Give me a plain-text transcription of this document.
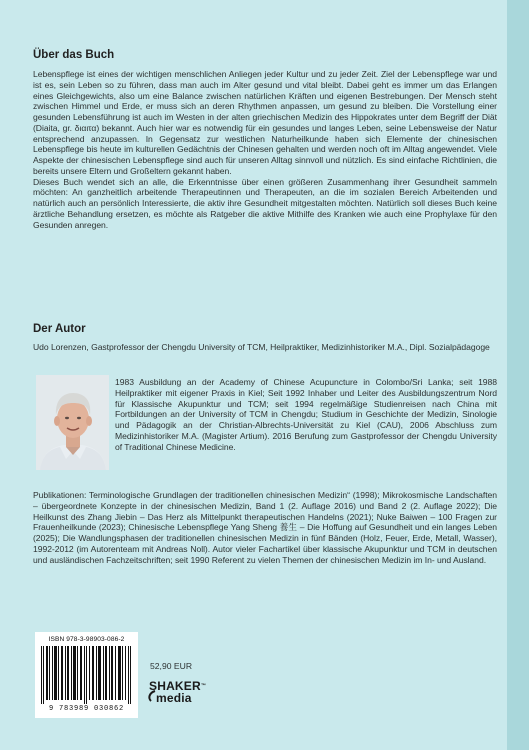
Über das Buch

Lebenspflege ist eines der wichtigen menschlichen Anliegen jeder Kultur und zu jeder Zeit. Ziel der Lebenspflege war und ist es, sein Leben so zu führen, dass man auch im Alter gesund und vital bleibt. Dabei geht es immer um das Erlangen eines Gleichgewichts, also um eine Balance zwischen natürlichen Kräften und eigenen Bestrebungen. Der Mensch steht zwischen Himmel und Erde, er muss sich an deren Rhythmen anpassen, um gesund zu bleiben. Die Vorstellung einer gesunden Lebensführung ist auch im Westen in der alten griechischen Medizin des Hippokrates unter dem Begriff der Diät (Diaita, gr. διαιτα) bekannt. Auch hier war es notwendig für ein gesundes und langes Leben, seine Lebensweise der Natur entsprechend anzupassen. In Gegensatz zur westlichen Naturheilkunde haben sich Elemente der chinesischen Lebenspflege bis heute im kulturellen Gedächtnis der Chinesen gehalten und werden noch oft im Alltag angewendet. Viele Aspekte der chinesischen Lebenspflege sind auch für unseren Alltag sinnvoll und nützlich. Es sind einfache Richtlinien, die bereits unsere Eltern und Großeltern gekannt haben.

Dieses Buch wendet sich an alle, die Erkenntnisse über einen größeren Zusammenhang ihrer Gesundheit sammeln möchten: An ganzheitlich arbeitende Therapeutinnen und Therapeuten, an die im sozialen Bereich Arbeitenden und natürlich auch an persönlich Interessierte, die aktiv ihre Gesundheit mitgestalten möchten. Natürlich soll dieses Buch keine ärztliche Behandlung ersetzen, es möchte als Ratgeber die aktive Mithilfe des Kranken wie auch eine Prophylaxe für den Gesunden anregen.

Der Autor

Udo Lorenzen, Gastprofessor der Chengdu University of TCM, Heilpraktiker, Medizinhistoriker M.A., Dipl. Sozialpädagoge

1983 Ausbildung an der Academy of Chinese Acupuncture in Colombo/Sri Lanka; seit 1988 Heilpraktiker mit eigener Praxis in Kiel; Seit 1992 Inhaber und Leiter des Ausbildungszentrum Nord für Klassische Akupunktur und TCM; seit 1994 regelmäßige Studienreisen nach China mit Fortbildungen an der University of TCM in Chengdu; Studium in Geschichte der Medizin, Sinologie und Pädagogik an der Christian-Albrechts-Universität zu Kiel (CAU), 2006 Abschluss zum Medizinhistoriker M.A. (Magister Artium). 2016 Berufung zum Gastprofessor der Chengdu University of Traditional Chinese Medicine.

Publikationen: Terminologische Grundlagen der traditionellen chinesischen Medizin“ (1998); Mikrokosmische Landschaften – übergeordnete Konzepte in der chinesischen Medizin, Band 1 (2. Auflage 2016) und Band 2 (2. Auflage 2022); Die Heilkunst des Zhang Jiebin – Das Herz als Mittelpunkt therapeutischen Handelns (2021); Nuke Baiwen – 100 Fragen zur Frauenheilkunde (2023); Chinesische Lebenspflege Yang Sheng 養生 – Die Hoffung auf Gesundheit und ein langes Leben (2025); Die Wandlungsphasen der traditionellen chinesischen Medizin in fünf Bänden (Holz, Feuer, Erde, Metall, Wasser), 1992-2012 (im Autorenteam mit Andreas Noll). Autor vieler Fachartikel über klassische Akupunktur und TCM in deutschen und ausländischen Fachzeitschriften; seit 1990 Referent zu vielen Themen der chinesischen Medizin im In- und Ausland.

ISBN 978-3-98903-086-2
9 783989 030862
52,90 EUR
SHAKER™
media
